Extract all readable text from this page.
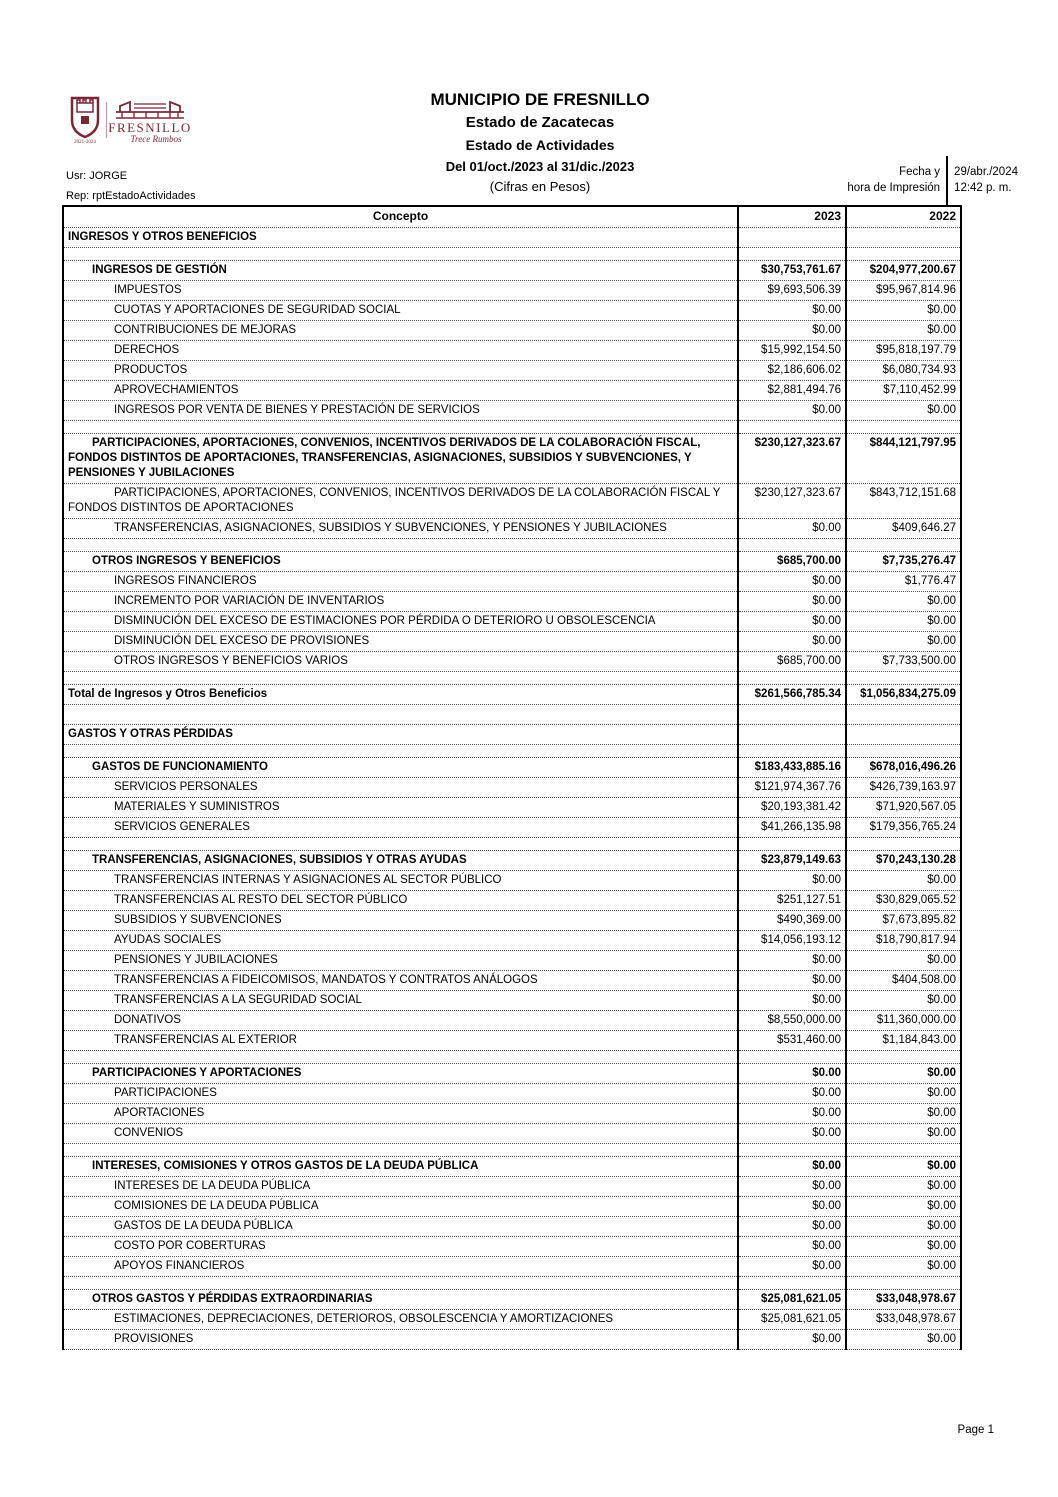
2021-2024
FRESNILLO
Trece Rumbos
MUNICIPIO DE FRESNILLO
Estado de Zacatecas
Estado de Actividades
Del 01/oct./2023 al 31/dic./2023
(Cifras en Pesos)
Usr: JORGE
Rep: rptEstadoActividades
Fecha y
hora de Impresión
29/abr./2024
12:42 p. m.
Concepto	2023	2022
INGRESOS Y OTROS BENEFICIOS		

INGRESOS DE GESTIÓN	$30,753,761.67	$204,977,200.67
IMPUESTOS	$9,693,506.39	$95,967,814.96
CUOTAS Y APORTACIONES DE SEGURIDAD SOCIAL	$0.00	$0.00
CONTRIBUCIONES DE MEJORAS	$0.00	$0.00
DERECHOS	$15,992,154.50	$95,818,197.79
PRODUCTOS	$2,186,606.02	$6,080,734.93
APROVECHAMIENTOS	$2,881,494.76	$7,110,452.99
INGRESOS POR VENTA DE BIENES Y PRESTACIÓN DE SERVICIOS	$0.00	$0.00

PARTICIPACIONES, APORTACIONES, CONVENIOS, INCENTIVOS DERIVADOS DE LA COLABORACIÓN FISCAL, FONDOS DISTINTOS DE APORTACIONES, TRANSFERENCIAS, ASIGNACIONES, SUBSIDIOS Y SUBVENCIONES, Y PENSIONES Y JUBILACIONES	$230,127,323.67	$844,121,797.95
PARTICIPACIONES, APORTACIONES, CONVENIOS, INCENTIVOS DERIVADOS DE LA COLABORACIÓN FISCAL Y FONDOS DISTINTOS DE APORTACIONES	$230,127,323.67	$843,712,151.68
TRANSFERENCIAS, ASIGNACIONES, SUBSIDIOS Y SUBVENCIONES, Y PENSIONES Y JUBILACIONES	$0.00	$409,646.27

OTROS INGRESOS Y BENEFICIOS	$685,700.00	$7,735,276.47
INGRESOS FINANCIEROS	$0.00	$1,776.47
INCREMENTO POR VARIACIÓN DE INVENTARIOS	$0.00	$0.00
DISMINUCIÓN DEL EXCESO DE ESTIMACIONES POR PÉRDIDA O DETERIORO U OBSOLESCENCIA	$0.00	$0.00
DISMINUCIÓN DEL EXCESO DE PROVISIONES	$0.00	$0.00
OTROS INGRESOS Y BENEFICIOS VARIOS	$685,700.00	$7,733,500.00

Total de Ingresos y Otros Beneficios	$261,566,785.34	$1,056,834,275.09

GASTOS Y OTRAS PÉRDIDAS		

GASTOS DE FUNCIONAMIENTO	$183,433,885.16	$678,016,496.26
SERVICIOS PERSONALES	$121,974,367.76	$426,739,163.97
MATERIALES Y SUMINISTROS	$20,193,381.42	$71,920,567.05
SERVICIOS GENERALES	$41,266,135.98	$179,356,765.24

TRANSFERENCIAS, ASIGNACIONES, SUBSIDIOS Y OTRAS AYUDAS	$23,879,149.63	$70,243,130.28
TRANSFERENCIAS INTERNAS Y ASIGNACIONES AL SECTOR PÚBLICO	$0.00	$0.00
TRANSFERENCIAS AL RESTO DEL SECTOR PÚBLICO	$251,127.51	$30,829,065.52
SUBSIDIOS Y SUBVENCIONES	$490,369.00	$7,673,895.82
AYUDAS SOCIALES	$14,056,193.12	$18,790,817.94
PENSIONES Y JUBILACIONES	$0.00	$0.00
TRANSFERENCIAS A FIDEICOMISOS, MANDATOS Y CONTRATOS ANÁLOGOS	$0.00	$404,508.00
TRANSFERENCIAS A LA SEGURIDAD SOCIAL	$0.00	$0.00
DONATIVOS	$8,550,000.00	$11,360,000.00
TRANSFERENCIAS AL EXTERIOR	$531,460.00	$1,184,843.00

PARTICIPACIONES Y APORTACIONES	$0.00	$0.00
PARTICIPACIONES	$0.00	$0.00
APORTACIONES	$0.00	$0.00
CONVENIOS	$0.00	$0.00

INTERESES, COMISIONES Y OTROS GASTOS DE LA DEUDA PÚBLICA	$0.00	$0.00
INTERESES DE LA DEUDA PÚBLICA	$0.00	$0.00
COMISIONES DE LA DEUDA PÚBLICA	$0.00	$0.00
GASTOS DE LA DEUDA PÚBLICA	$0.00	$0.00
COSTO POR COBERTURAS	$0.00	$0.00
APOYOS FINANCIEROS	$0.00	$0.00

OTROS GASTOS Y PÉRDIDAS EXTRAORDINARIAS	$25,081,621.05	$33,048,978.67
ESTIMACIONES, DEPRECIACIONES, DETERIOROS, OBSOLESCENCIA Y AMORTIZACIONES	$25,081,621.05	$33,048,978.67
PROVISIONES	$0.00	$0.00
Page 1
